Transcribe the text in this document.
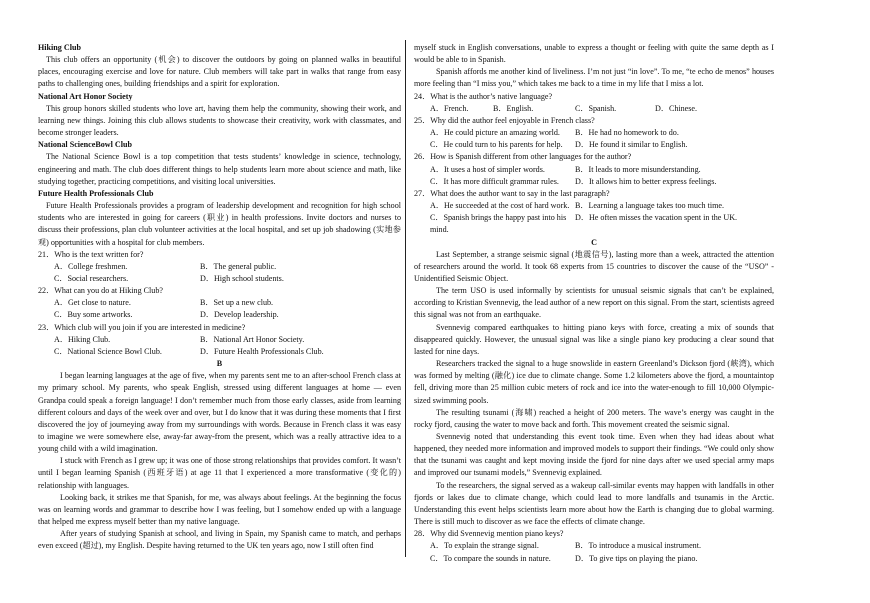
Hiking Club
This club offers an opportunity (机会) to discover the outdoors by going on planned walks in beautiful places, encouraging exercise and love for nature. Club members will take part in walks that range from easy paths to challenging ones, building friendships and a spirit for exploration.
National Art Honor Society
This group honors skilled students who love art, having them help the community, showing their work, and learning new things. Joining this club allows students to showcase their creativity, work with classmates, and become stronger leaders.
National ScienceBowl Club
The National Science Bowl is a top competition that tests students’ knowledge in science, technology, engineering and math. The club does different things to help students learn more about science and math, like studying together, practicing competitions, and visiting local universities.
Future Health Professionals Club
Future Health Professionals provides a program of leadership development and recognition for high school students who are interested in going for careers (职业) in health professions. Invite doctors and nurses to discuss their professions, plan club volunteer activities at the local hospital, and set up job shadowing (实地参观) opportunities with a hospital for club members.
21．Who is the text written for?
A．College freshmen.	B．The general public.
C．Social researchers.	D．High school students.
22．What can you do at Hiking Club?
A．Get close to nature.	B．Set up a new club.
C．Buy some artworks.	D．Develop leadership.
23．Which club will you join if you are interested in medicine?
A．Hiking Club.	B．National Art Honor Society.
C．National Science Bowl Club.	D．Future Health Professionals Club.
B
I began learning languages at the age of five, when my parents sent me to an after-school French class at my primary school. My parents, who speak English, stressed using different languages at home — even Grandpa could speak a foreign language! I don’t remember much from those early classes, aside from learning different colours and days of the week over and over, but I do know that it was during these moments that I first discovered the joy of journeying away from my surroundings with words. Because in French class it was easy to imagine we were somewhere else, away-far away-from the present, which was a really attractive idea to a young child with a wild imagination.
I stuck with French as I grew up; it was one of those strong relationships that provides comfort. It wasn’t until I began learning Spanish (西班牙语) at age 11 that I experienced a more transformative (变化的) relationship with languages.
Looking back, it strikes me that Spanish, for me, was always about feelings. At the beginning the focus was on learning words and grammar to describe how I was feeling, but I somehow ended up with a language that helped me express myself better than my native language.
After years of studying Spanish at school, and living in Spain, my Spanish came to match, and perhaps even exceed (超过), my English. Despite having returned to the UK ten years ago, now I still often find
myself stuck in English conversations, unable to express a thought or feeling with quite the same depth as I would be able to in Spanish.
Spanish affords me another kind of liveliness. I’m not just “in love”. To me, “te echo de menos” houses more feeling than “I miss you,” which takes me back to a time in my life that I miss a lot.
24．What is the author’s native language?
A．French.	B．English.	C．Spanish.	D．Chinese.
25．Why did the author feel enjoyable in French class?
A．He could picture an amazing world.	B．He had no homework to do.
C．He could turn to his parents for help.	D．He found it similar to English.
26．How is Spanish different from other languages for the author?
A．It uses a host of simpler words.	B．It leads to more misunderstanding.
C．It has more difficult grammar rules.	D．It allows him to better express feelings.
27．What does the author want to say in the last paragraph?
A．He succeeded at the cost of hard work. B．Learning a language takes too much time.
C．Spanish brings the happy past into his mind.
D．He often misses the vacation spent in the UK.
C
Last September, a strange seismic signal (地震信号), lasting more than a week, attracted the attention of researchers around the world. It took 68 experts from 15 countries to discover the cause of the “USO” -Unidentified Seismic Object.
The term USO is used informally by scientists for unusual seismic signals that can’t be explained, according to Kristian Svennevig, the lead author of a new report on this signal. From the start, scientists agreed this signal was not from an earthquake.
Svennevig compared earthquakes to hitting piano keys with force, creating a mix of sounds that disappeared quickly. However, the unusual signal was like a single piano key producing a clear sound that lasted for nine days.
Researchers tracked the signal to a huge snowslide in eastern Greenland’s Dickson fjord (峡湾), which was formed by melting (融化) ice due to climate change. Some 1.2 kilometers above the fjord, a mountaintop fell, driving more than 25 million cubic meters of rock and ice into the water-enough to fill 10,000 Olympic-sized swimming pools.
The resulting tsunami (海啸) reached a height of 200 meters. The wave’s energy was caught in the rocky fjord, causing the water to move back and forth. This movement created the seismic signal.
Svennevig noted that understanding this event took time. Even when they had ideas about what happened, they needed more information and improved models to support their findings. “We could only show that the tsunami was caught and kept moving inside the fjord for nine days after we used special army maps and improved our tsunami models,” Svennevig explained.
To the researchers, the signal served as a wakeup call-similar events may happen with landfalls in other fjords or lakes due to climate change, which could lead to more landfalls and tsunamis in the Arctic. Understanding this event helps scientists learn more about how the Earth is changing due to global warming. There is still much to discover as we face the effects of climate change.
28．Why did Svennevig mention piano keys?
A．To explain the strange signal.	B．To introduce a musical instrument.
C．To compare the sounds in nature.	D．To give tips on playing the piano.
